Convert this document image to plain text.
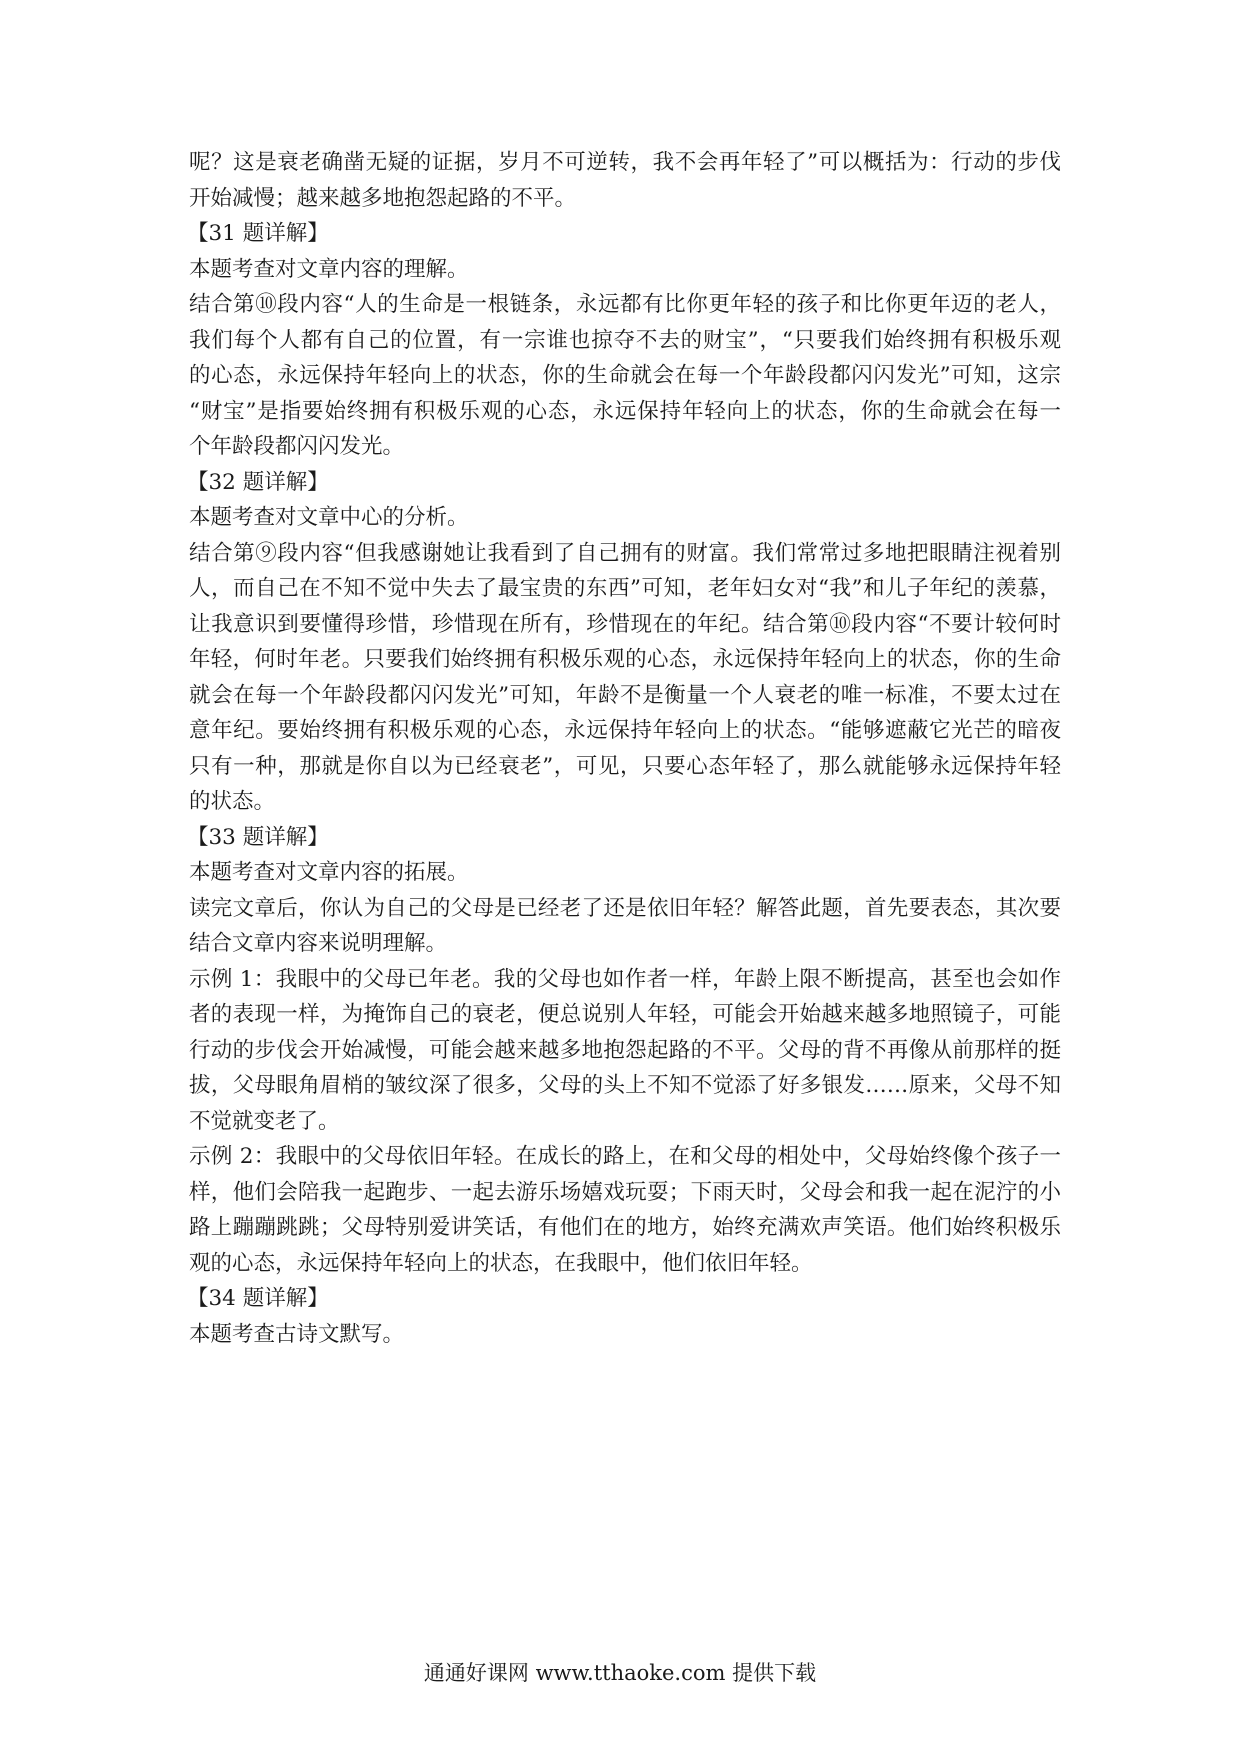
呢？这是衰老确凿无疑的证据，岁月不可逆转，我不会再年轻了”可以概括为：行动的步伐
开始减慢；越来越多地抱怨起路的不平。
【31 题详解】
本题考查对文章内容的理解。
结合第⑩段内容“人的生命是一根链条，永远都有比你更年轻的孩子和比你更年迈的老人，
我们每个人都有自己的位置，有一宗谁也掠夺不去的财宝”，“只要我们始终拥有积极乐观
的心态，永远保持年轻向上的状态，你的生命就会在每一个年龄段都闪闪发光”可知，这宗
“财宝”是指要始终拥有积极乐观的心态，永远保持年轻向上的状态，你的生命就会在每一
个年龄段都闪闪发光。
【32 题详解】
本题考查对文章中心的分析。
结合第⑨段内容“但我感谢她让我看到了自己拥有的财富。我们常常过多地把眼睛注视着别
人，而自己在不知不觉中失去了最宝贵的东西”可知，老年妇女对“我”和儿子年纪的羡慕，
让我意识到要懂得珍惜，珍惜现在所有，珍惜现在的年纪。结合第⑩段内容“不要计较何时
年轻，何时年老。只要我们始终拥有积极乐观的心态，永远保持年轻向上的状态，你的生命
就会在每一个年龄段都闪闪发光”可知，年龄不是衡量一个人衰老的唯一标准，不要太过在
意年纪。要始终拥有积极乐观的心态，永远保持年轻向上的状态。“能够遮蔽它光芒的暗夜
只有一种，那就是你自以为已经衰老”，可见，只要心态年轻了，那么就能够永远保持年轻
的状态。
【33 题详解】
本题考查对文章内容的拓展。
读完文章后，你认为自己的父母是已经老了还是依旧年轻？解答此题，首先要表态，其次要
结合文章内容来说明理解。
示例 1：我眼中的父母已年老。我的父母也如作者一样，年龄上限不断提高，甚至也会如作
者的表现一样，为掩饰自己的衰老，便总说别人年轻，可能会开始越来越多地照镜子，可能
行动的步伐会开始减慢，可能会越来越多地抱怨起路的不平。父母的背不再像从前那样的挺
拔，父母眼角眉梢的皱纹深了很多，父母的头上不知不觉添了好多银发……原来，父母不知
不觉就变老了。
示例 2：我眼中的父母依旧年轻。在成长的路上，在和父母的相处中，父母始终像个孩子一
样，他们会陪我一起跑步、一起去游乐场嬉戏玩耍；下雨天时，父母会和我一起在泥泞的小
路上蹦蹦跳跳；父母特别爱讲笑话，有他们在的地方，始终充满欢声笑语。他们始终积极乐
观的心态，永远保持年轻向上的状态，在我眼中，他们依旧年轻。
【34 题详解】
本题考查古诗文默写。
通通好课网 www.tthaoke.com 提供下载
